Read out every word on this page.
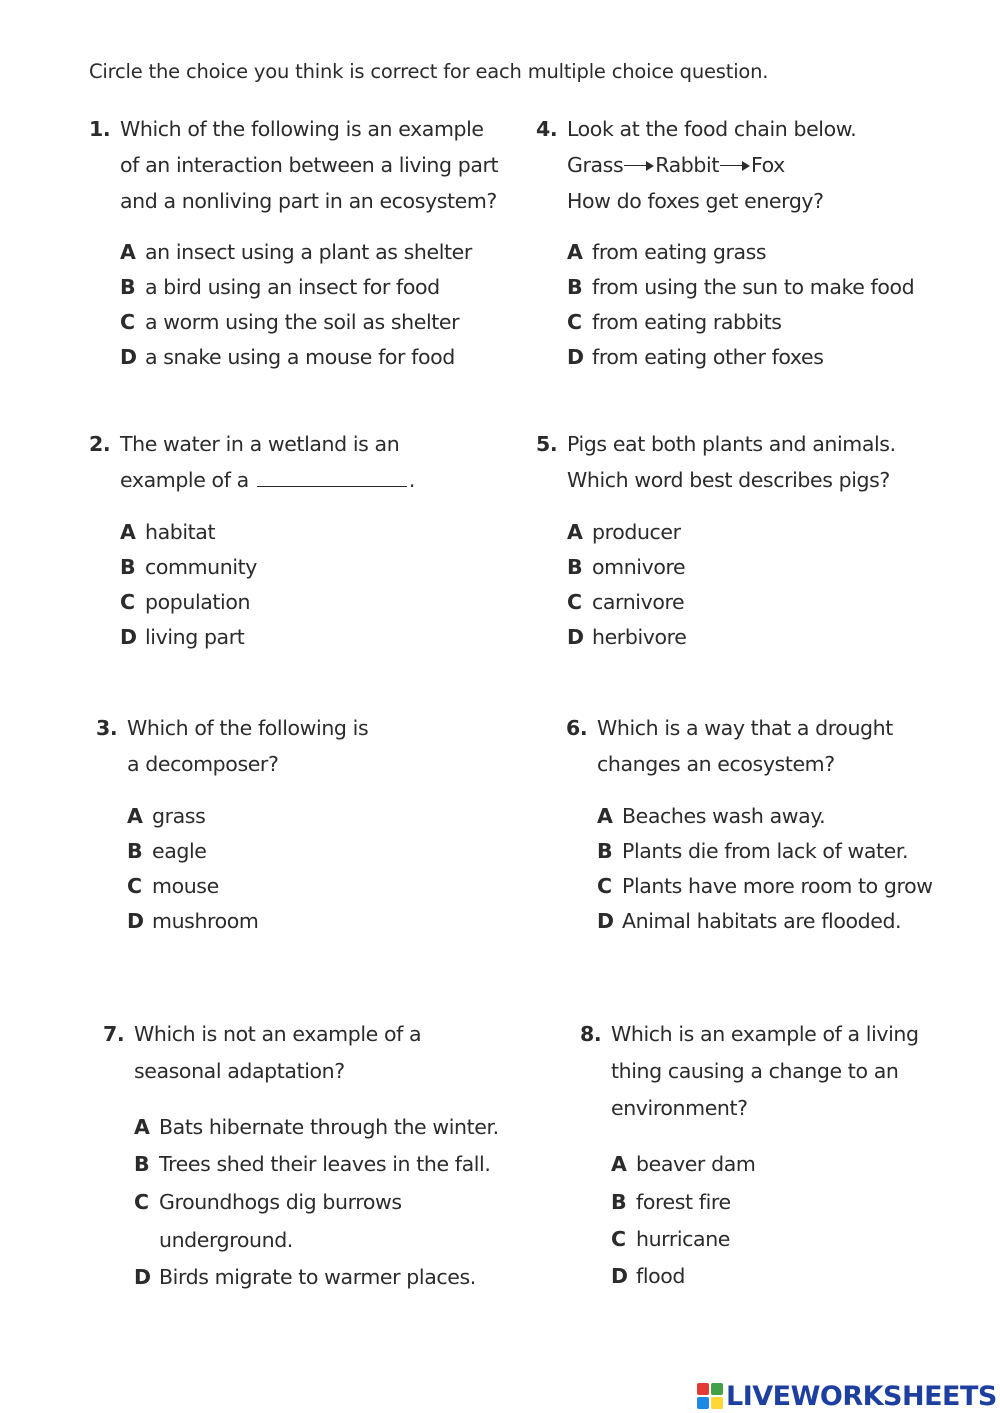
Circle the choice you think is correct for each multiple choice question.
1. Which of the following is an example
of an interaction between a living part
and a nonliving part in an ecosystem?
A an insect using a plant as shelter
B a bird using an insect for food
C a worm using the soil as shelter
D a snake using a mouse for food
2. The water in a wetland is an
example of a	.
A habitat
B community
C population
D living part
3. Which of the following is
a decomposer?
A grass
B eagle
C mouse
D mushroom
4. Look at the food chain below.
Grass Rabbit Fox
How do foxes get energy?
A from eating grass
B from using the sun to make food
C from eating rabbits
D from eating other foxes
5. Pigs eat both plants and animals.
Which word best describes pigs?
A producer
B omnivore
C carnivore
D herbivore
6. Which is a way that a drought
changes an ecosystem?
A Beaches wash away.
B Plants die from lack of water.
C Plants have more room to grow
D Animal habitats are flooded.
7. Which is not an example of a
seasonal adaptation?
A Bats hibernate through the winter.
B Trees shed their leaves in the fall.
C Groundhogs dig burrows
underground.
D Birds migrate to warmer places.
8. Which is an example of a living
thing causing a change to an
environment?
A beaver dam
B forest fire
C hurricane
D flood
LIVEWORKSHEETS
